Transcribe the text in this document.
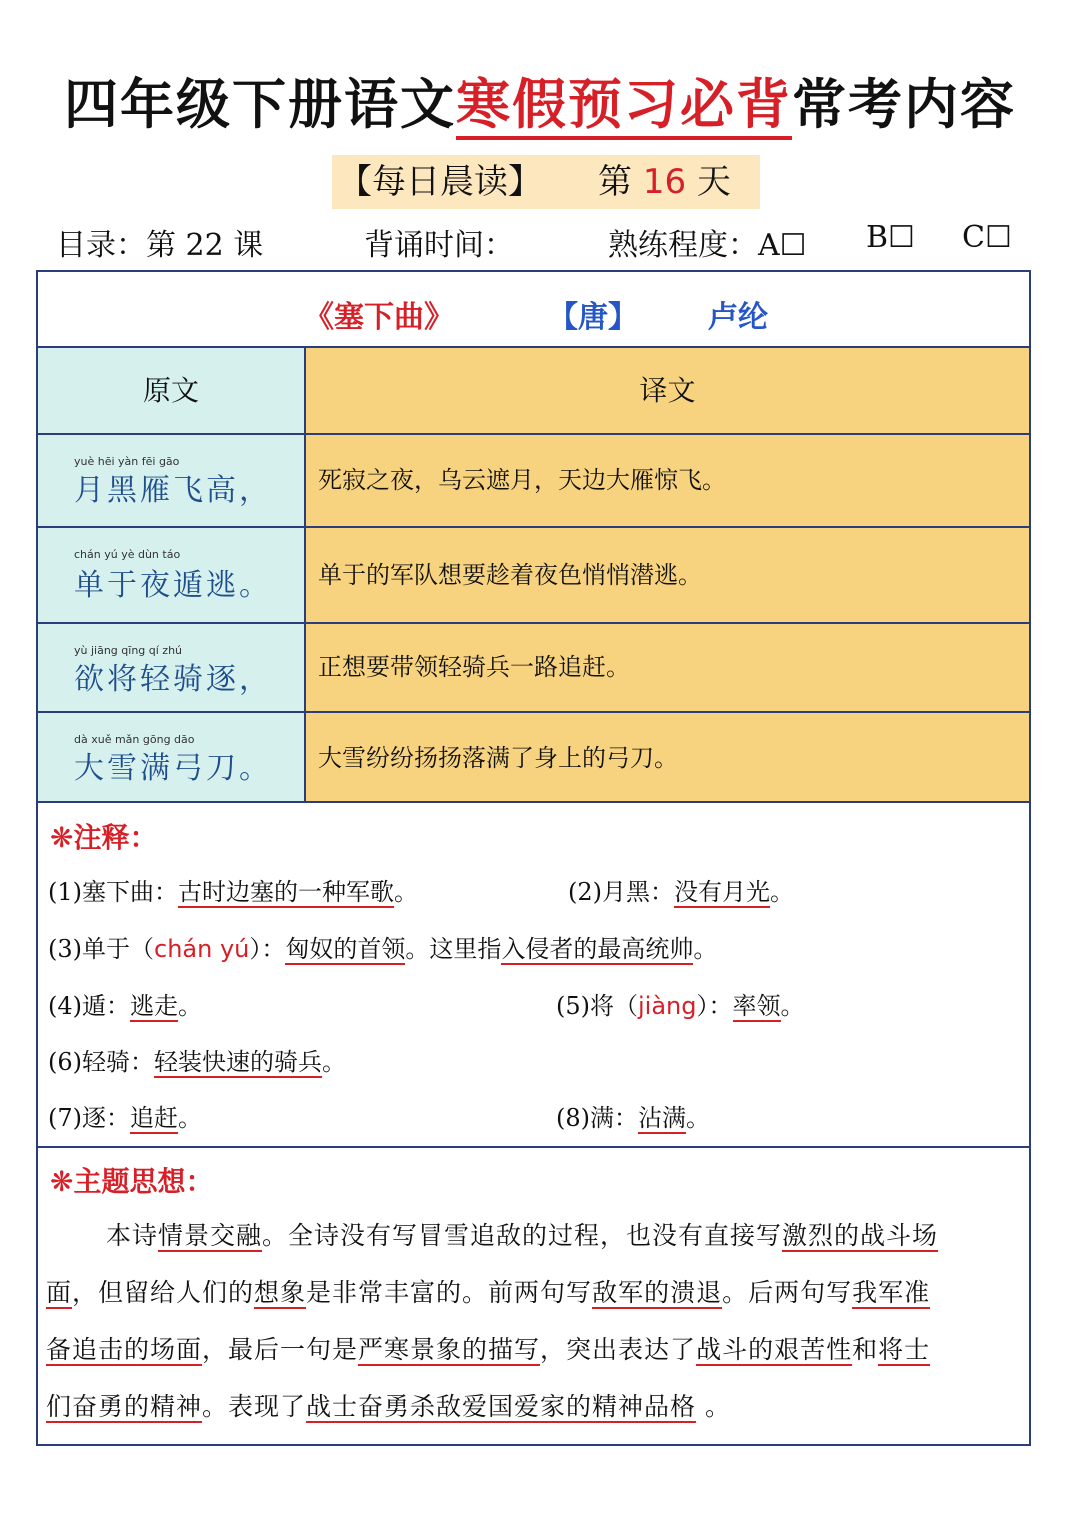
四年级下册语文寒假预习必背常考内容
【每日晨读】 第 16 天
目录：第 22 课	背诵时间：	熟练程度：A☐ B☐ C☐
《塞下曲》	【唐】 卢纶
原文	译文
yuè hēi yàn fēi gāo
月黑雁飞高，	死寂之夜，乌云遮月，天边大雁惊飞。
chán yú yè dùn táo
单于夜遁逃。	单于的军队想要趁着夜色悄悄潜逃。
yù jiāng qīng qí zhú
欲将轻骑逐，	正想要带领轻骑兵一路追赶。
dà xuě mǎn gōng dāo
大雪满弓刀。	大雪纷纷扬扬落满了身上的弓刀。
❋注释：
(1)塞下曲：古时边塞的一种军歌。	(2)月黑：没有月光。
(3)单于（chán yú）：匈奴的首领。这里指入侵者的最高统帅。
(4)遁：逃走。	(5)将（jiàng）：率领。
(6)轻骑：轻装快速的骑兵。
(7)逐：追赶。	(8)满：沾满。
❋主题思想：
本诗情景交融。全诗没有写冒雪追敌的过程，也没有直接写激烈的战斗场
面，但留给人们的想象是非常丰富的。前两句写敌军的溃退。后两句写我军准
备追击的场面，最后一句是严寒景象的描写，突出表达了战斗的艰苦性和将士
们奋勇的精神。表现了战士奋勇杀敌爱国爱家的精神品格 。
